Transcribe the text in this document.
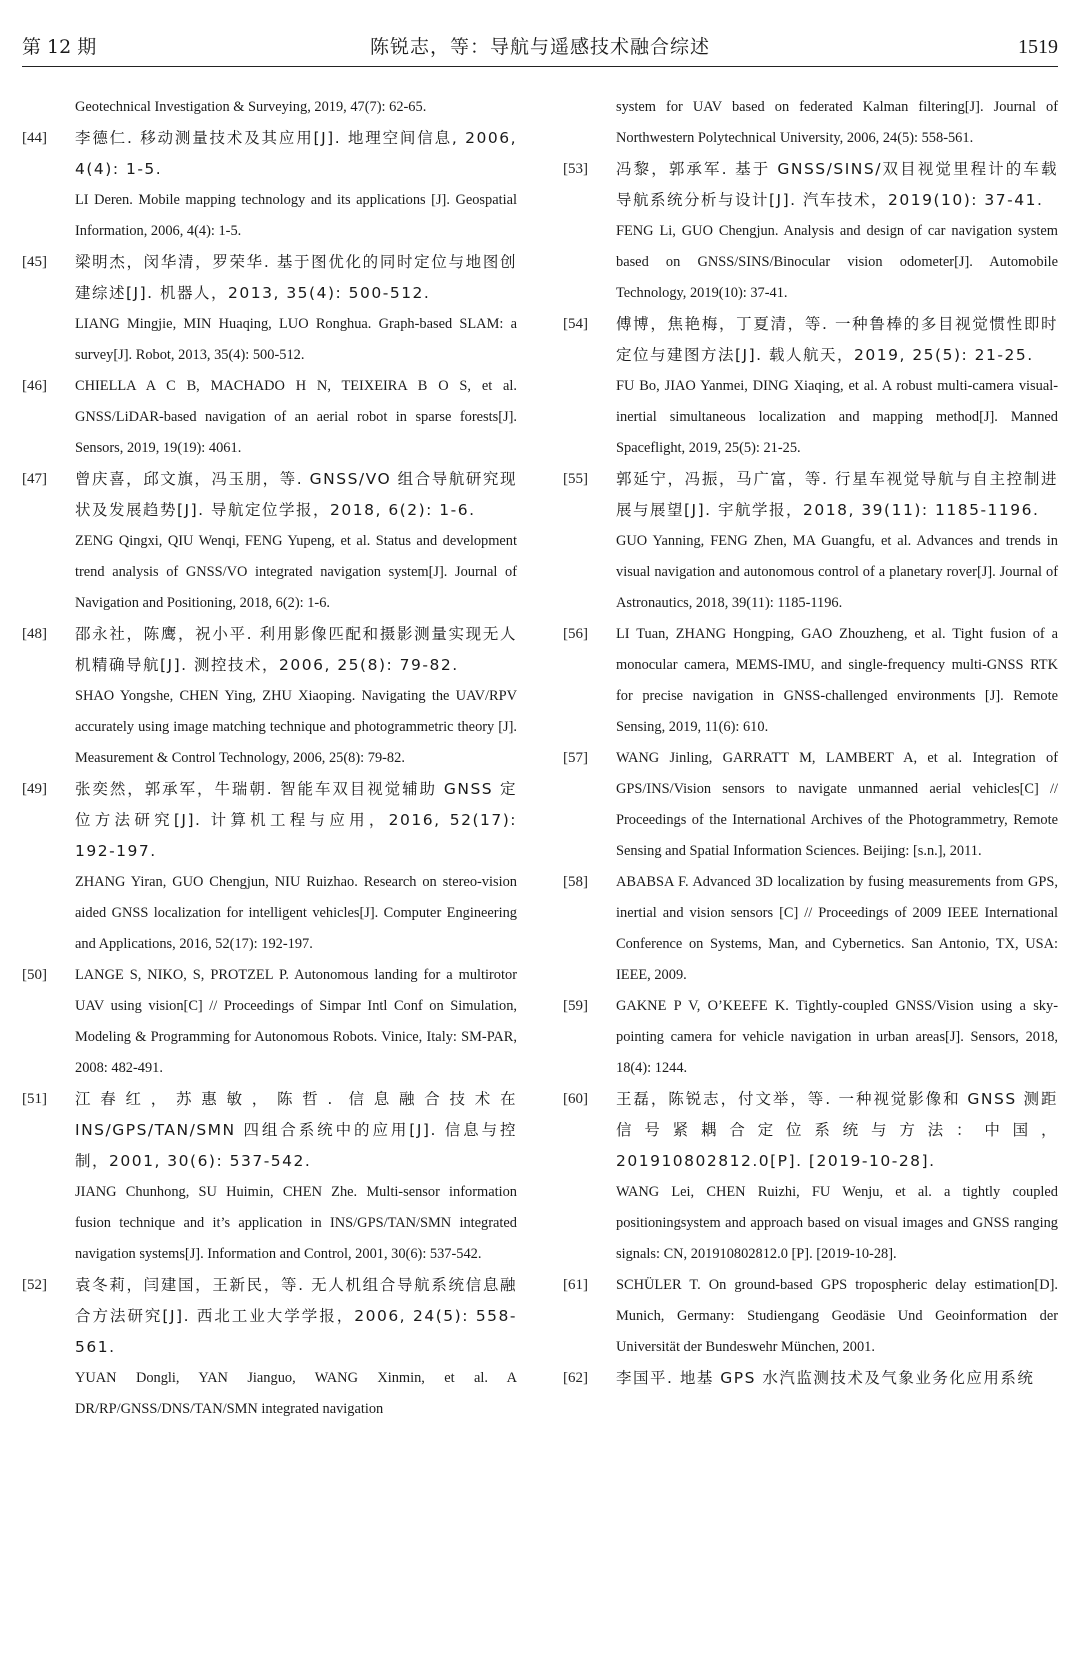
第 12 期	陈锐志，等：导航与遥感技术融合综述	1519

Geotechnical Investigation & Surveying, 2019, 47(7): 62-65.

[44] 李德仁. 移动测量技术及其应用[J]. 地理空间信息, 2006, 4(4): 1-5.

LI Deren. Mobile mapping technology and its applications [J]. Geospatial Information, 2006, 4(4): 1-5.

[45] 梁明杰，闵华清，罗荣华. 基于图优化的同时定位与地图创建综述[J]. 机器人，2013, 35(4): 500-512.

LIANG Mingjie, MIN Huaqing, LUO Ronghua. Graph-based SLAM: a survey[J]. Robot, 2013, 35(4): 500-512.

[46] CHIELLA A C B, MACHADO H N, TEIXEIRA B O S, et al. GNSS/LiDAR-based navigation of an aerial robot in sparse forests[J]. Sensors, 2019, 19(19): 4061.

[47] 曾庆喜，邱文旗，冯玉朋，等. GNSS/VO 组合导航研究现状及发展趋势[J]. 导航定位学报，2018, 6(2): 1-6.

ZENG Qingxi, QIU Wenqi, FENG Yupeng, et al. Status and development trend analysis of GNSS/VO integrated navigation system[J]. Journal of Navigation and Positioning, 2018, 6(2): 1-6.

[48] 邵永社，陈鹰，祝小平. 利用影像匹配和摄影测量实现无人机精确导航[J]. 测控技术，2006, 25(8): 79-82.

SHAO Yongshe, CHEN Ying, ZHU Xiaoping. Navigating the UAV/RPV accurately using image matching technique and photogrammetric theory [J]. Measurement & Control Technology, 2006, 25(8): 79-82.

[49] 张奕然，郭承军，牛瑞朝. 智能车双目视觉辅助 GNSS 定位方法研究[J]. 计算机工程与应用，2016, 52(17): 192-197.

ZHANG Yiran, GUO Chengjun, NIU Ruizhao. Research on stereo-vision aided GNSS localization for intelligent vehicles[J]. Computer Engineering and Applications, 2016, 52(17): 192-197.

[50] LANGE S, NIKO, S, PROTZEL P. Autonomous landing for a multirotor UAV using vision[C] // Proceedings of Simpar Intl Conf on Simulation, Modeling & Programming for Autonomous Robots. Vinice, Italy: SM-PAR, 2008: 482-491.

[51] 江春红，苏惠敏，陈哲. 信息融合技术在 INS/GPS/TAN/SMN 四组合系统中的应用[J]. 信息与控制，2001, 30(6): 537-542.

JIANG Chunhong, SU Huimin, CHEN Zhe. Multi-sensor information fusion technique and it’s application in INS/GPS/TAN/SMN integrated navigation systems[J]. Information and Control, 2001, 30(6): 537-542.

[52] 袁冬莉，闫建国，王新民，等. 无人机组合导航系统信息融合方法研究[J]. 西北工业大学学报，2006, 24(5): 558-561.

YUAN Dongli, YAN Jianguo, WANG Xinmin, et al. A DR/RP/GNSS/DNS/TAN/SMN integrated navigation

system for UAV based on federated Kalman filtering[J]. Journal of Northwestern Polytechnical University, 2006, 24(5): 558-561.

[53] 冯黎，郭承军. 基于 GNSS/SINS/双目视觉里程计的车载导航系统分析与设计[J]. 汽车技术，2019(10): 37-41.

FENG Li, GUO Chengjun. Analysis and design of car navigation system based on GNSS/SINS/Binocular vision odometer[J]. Automobile Technology, 2019(10): 37-41.

[54] 傅博，焦艳梅，丁夏清，等. 一种鲁棒的多目视觉惯性即时定位与建图方法[J]. 载人航天，2019, 25(5): 21-25.

FU Bo, JIAO Yanmei, DING Xiaqing, et al. A robust multi-camera visual-inertial simultaneous localization and mapping method[J]. Manned Spaceflight, 2019, 25(5): 21-25.

[55] 郭延宁，冯振，马广富，等. 行星车视觉导航与自主控制进展与展望[J]. 宇航学报，2018, 39(11): 1185-1196.

GUO Yanning, FENG Zhen, MA Guangfu, et al. Advances and trends in visual navigation and autonomous control of a planetary rover[J]. Journal of Astronautics, 2018, 39(11): 1185-1196.

[56] LI Tuan, ZHANG Hongping, GAO Zhouzheng, et al. Tight fusion of a monocular camera, MEMS-IMU, and single-frequency multi-GNSS RTK for precise navigation in GNSS-challenged environments [J]. Remote Sensing, 2019, 11(6): 610.

[57] WANG Jinling, GARRATT M, LAMBERT A, et al. Integration of GPS/INS/Vision sensors to navigate unmanned aerial vehicles[C] // Proceedings of the International Archives of the Photogrammetry, Remote Sensing and Spatial Information Sciences. Beijing: [s.n.], 2011.

[58] ABABSA F. Advanced 3D localization by fusing measurements from GPS, inertial and vision sensors [C] // Proceedings of 2009 IEEE International Conference on Systems, Man, and Cybernetics. San Antonio, TX, USA: IEEE, 2009.

[59] GAKNE P V, O’KEEFE K. Tightly-coupled GNSS/Vision using a sky-pointing camera for vehicle navigation in urban areas[J]. Sensors, 2018, 18(4): 1244.

[60] 王磊，陈锐志，付文举，等. 一种视觉影像和 GNSS 测距信号紧耦合定位系统与方法：中国，201910802812.0[P]. [2019-10-28].

WANG Lei, CHEN Ruizhi, FU Wenju, et al. a tightly coupled positioningsystem and approach based on visual images and GNSS ranging signals: CN, 201910802812.0 [P]. [2019-10-28].

[61] SCHÜLER T. On ground-based GPS tropospheric delay estimation[D]. Munich, Germany: Studiengang Geodäsie Und Geoinformation der Universität der Bundeswehr München, 2001.

[62] 李国平. 地基 GPS 水汽监测技术及气象业务化应用系统
